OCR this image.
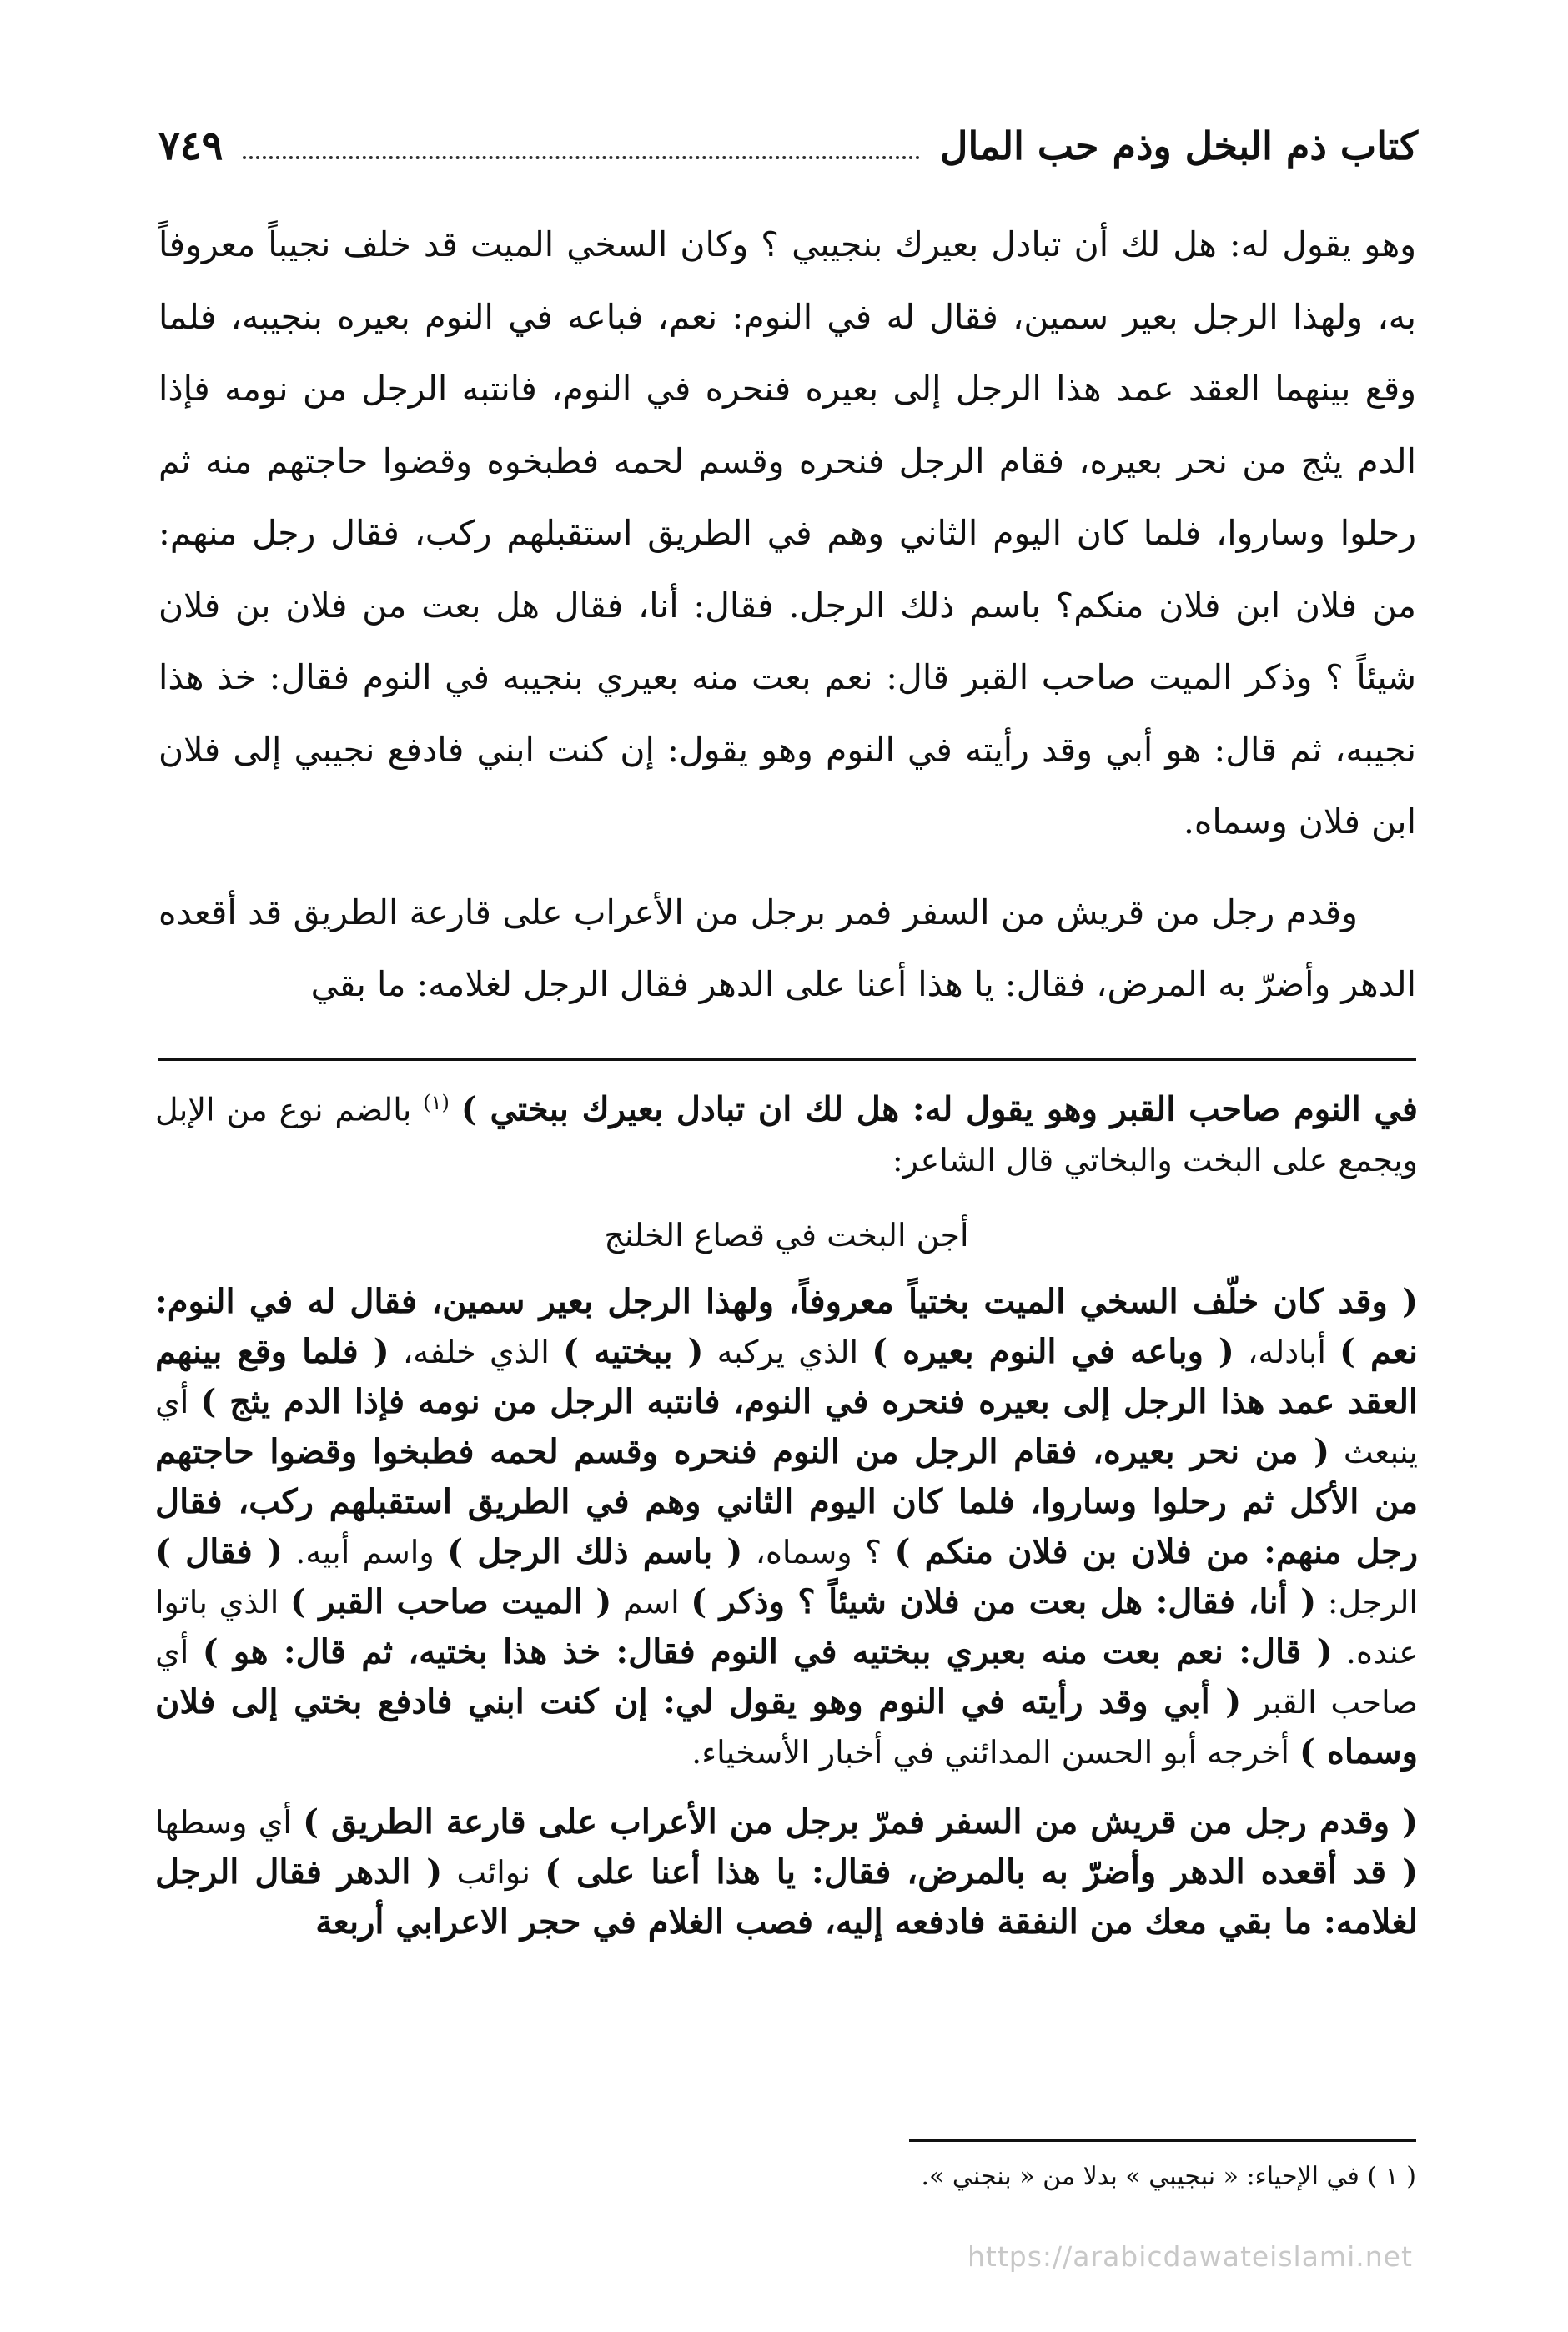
كتاب ذم البخل وذم حب المال
٧٤٩

وهو يقول له: هل لك أن تبادل بعيرك بنجيبي ؟ وكان السخي الميت قد خلف نجيباً معروفاً به، ولهذا الرجل بعير سمين، فقال له في النوم: نعم، فباعه في النوم بعيره بنجيبه، فلما وقع بينهما العقد عمد هذا الرجل إلى بعيره فنحره في النوم، فانتبه الرجل من نومه فإذا الدم يثج من نحر بعيره، فقام الرجل فنحره وقسم لحمه فطبخوه وقضوا حاجتهم منه ثم رحلوا وساروا، فلما كان اليوم الثاني وهم في الطريق استقبلهم ركب، فقال رجل منهم: من فلان ابن فلان منكم؟ باسم ذلك الرجل. فقال: أنا، فقال هل بعت من فلان بن فلان شيئاً ؟ وذكر الميت صاحب القبر قال: نعم بعت منه بعيري بنجيبه في النوم فقال: خذ هذا نجيبه، ثم قال: هو أبي وقد رأيته في النوم وهو يقول: إن كنت ابني فادفع نجيبي إلى فلان ابن فلان وسماه.

وقدم رجل من قريش من السفر فمر برجل من الأعراب على قارعة الطريق قد أقعده الدهر وأضرّ به المرض، فقال: يا هذا أعنا على الدهر فقال الرجل لغلامه: ما بقي

في النوم صاحب القبر وهو يقول له: هل لك ان تبادل بعيرك ببختي ) $^{(١)}$ بالضم نوع من الإبل ويجمع على البخت والبخاتي قال الشاعر:

أجن البخت في قصاع الخلنج

( وقد كان خلّف السخي الميت بختياً معروفاً، ولهذا الرجل بعير سمين، فقال له في النوم: نعم ) أبادله، ( وباعه في النوم بعيره ) الذي يركبه ( ببختيه ) الذي خلفه، ( فلما وقع بينهم العقد عمد هذا الرجل إلى بعيره فنحره في النوم، فانتبه الرجل من نومه فإذا الدم يثج ) أي ينبعث ( من نحر بعيره، فقام الرجل من النوم فنحره وقسم لحمه فطبخوا وقضوا حاجتهم من الأكل ثم رحلوا وساروا، فلما كان اليوم الثاني وهم في الطريق استقبلهم ركب، فقال رجل منهم: من فلان بن فلان منكم ) ؟ وسماه، ( باسم ذلك الرجل ) واسم أبيه. ( فقال ) الرجل: ( أنا، فقال: هل بعت من فلان شيئاً ؟ وذكر ) اسم ( الميت صاحب القبر ) الذي باتوا عنده. ( قال: نعم بعت منه بعبري ببختيه في النوم فقال: خذ هذا بختيه، ثم قال: هو ) أي صاحب القبر ( أبي وقد رأيته في النوم وهو يقول لي: إن كنت ابني فادفع بختي إلى فلان وسماه ) أخرجه أبو الحسن المدائني في أخبار الأسخياء.

( وقدم رجل من قريش من السفر فمرّ برجل من الأعراب على قارعة الطريق ) أي وسطها ( قد أقعده الدهر وأضرّ به بالمرض، فقال: يا هذا أعنا على ) نوائب ( الدهر فقال الرجل لغلامه: ما بقي معك من النفقة فادفعه إليه، فصب الغلام في حجر الاعرابي أربعة

( ١ ) في الإحياء: « نبجيبي » بدلا من « بنجني ».
https://arabicdawateislami.net
